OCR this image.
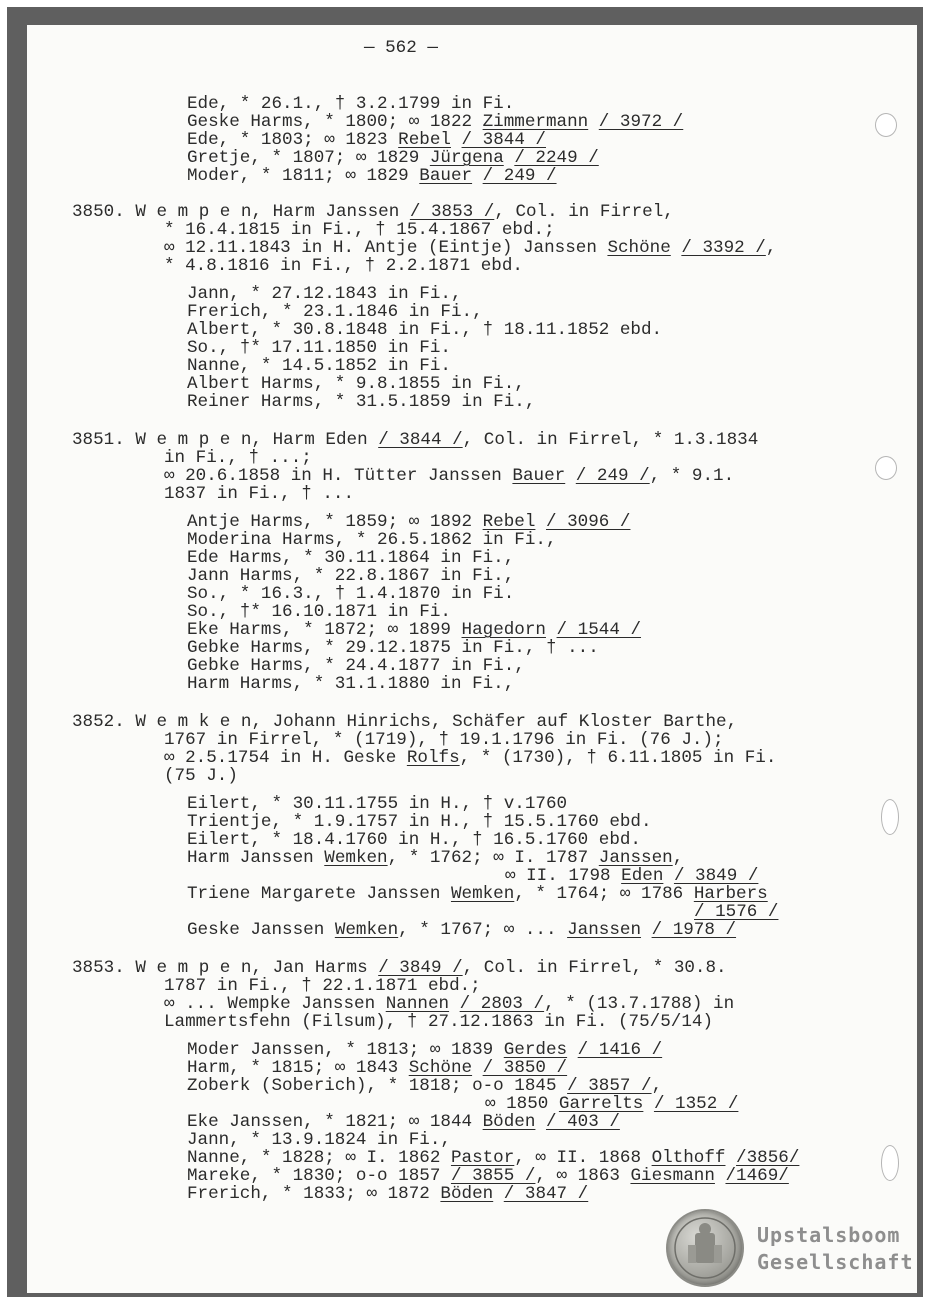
— 562 —
Upstalsboom
Gesellschaft
Ede, * 26.1., † 3.2.1799 in Fi.
Geske Harms, * 1800; ∞ 1822 Zimmermann / 3972 /
Ede, * 1803; ∞ 1823 Rebel / 3844 /
Gretje, * 1807; ∞ 1829 Jürgena / 2249 /
Moder, * 1811; ∞ 1829 Bauer / 249 /
3850. W e m p e n, Harm Janssen / 3853 /, Col. in Firrel,
* 16.4.1815 in Fi., † 15.4.1867 ebd.;
∞ 12.11.1843 in H. Antje (Eintje) Janssen Schöne / 3392 /,
* 4.8.1816 in Fi., † 2.2.1871 ebd.
Jann, * 27.12.1843 in Fi.,
Frerich, * 23.1.1846 in Fi.,
Albert, * 30.8.1848 in Fi., † 18.11.1852 ebd.
So., †* 17.11.1850 in Fi.
Nanne, * 14.5.1852 in Fi.
Albert Harms, * 9.8.1855 in Fi.,
Reiner Harms, * 31.5.1859 in Fi.,
3851. W e m p e n, Harm Eden / 3844 /, Col. in Firrel, * 1.3.1834
in Fi., † ...;
∞ 20.6.1858 in H. Tütter Janssen Bauer / 249 /, * 9.1.
1837 in Fi., † ...
Antje Harms, * 1859; ∞ 1892 Rebel / 3096 /
Moderina Harms, * 26.5.1862 in Fi.,
Ede Harms, * 30.11.1864 in Fi.,
Jann Harms, * 22.8.1867 in Fi.,
So., * 16.3., † 1.4.1870 in Fi.
So., †* 16.10.1871 in Fi.
Eke Harms, * 1872; ∞ 1899 Hagedorn / 1544 /
Gebke Harms, * 29.12.1875 in Fi., † ...
Gebke Harms, * 24.4.1877 in Fi.,
Harm Harms, * 31.1.1880 in Fi.,
3852. W e m k e n, Johann Hinrichs, Schäfer auf Kloster Barthe,
1767 in Firrel, * (1719), † 19.1.1796 in Fi. (76 J.);
∞ 2.5.1754 in H. Geske Rolfs, * (1730), † 6.11.1805 in Fi.
(75 J.)
Eilert, * 30.11.1755 in H., † v.1760
Trientje, * 1.9.1757 in H., † 15.5.1760 ebd.
Eilert, * 18.4.1760 in H., † 16.5.1760 ebd.
Harm Janssen Wemken, * 1762; ∞ I. 1787 Janssen,
∞ II. 1798 Eden / 3849 /
Triene Margarete Janssen Wemken, * 1764; ∞ 1786 Harbers
/ 1576 /
Geske Janssen Wemken, * 1767; ∞ ... Janssen / 1978 /
3853. W e m p e n, Jan Harms / 3849 /, Col. in Firrel, * 30.8.
1787 in Fi., † 22.1.1871 ebd.;
∞ ... Wempke Janssen Nannen / 2803 /, * (13.7.1788) in
Lammertsfehn (Filsum), † 27.12.1863 in Fi. (75/5/14)
Moder Janssen, * 1813; ∞ 1839 Gerdes / 1416 /
Harm, * 1815; ∞ 1843 Schöne / 3850 /
Zoberk (Soberich), * 1818; o-o 1845 / 3857 /,
∞ 1850 Garrelts / 1352 /
Eke Janssen, * 1821; ∞ 1844 Böden / 403 /
Jann, * 13.9.1824 in Fi.,
Nanne, * 1828; ∞ I. 1862 Pastor, ∞ II. 1868 Olthoff /3856/
Mareke, * 1830; o-o 1857 / 3855 /, ∞ 1863 Giesmann /1469/
Frerich, * 1833; ∞ 1872 Böden / 3847 /
